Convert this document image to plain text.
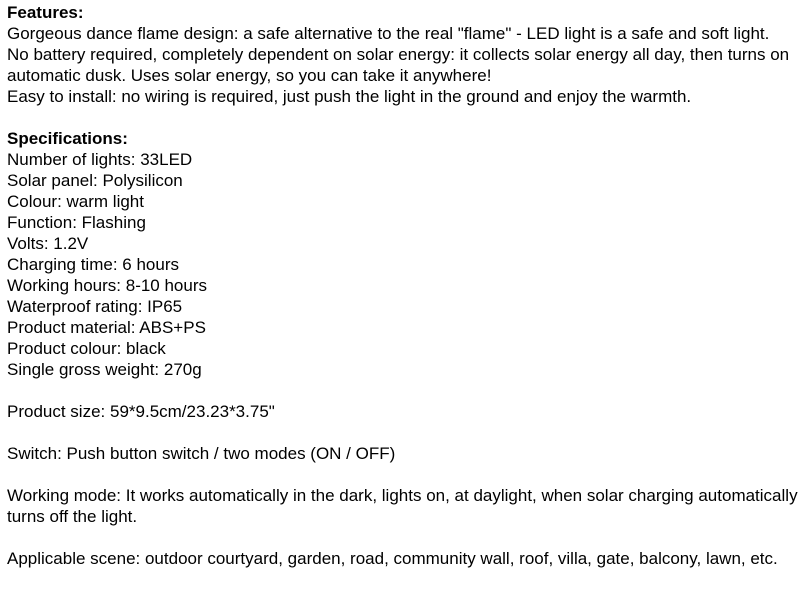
Features:
Gorgeous dance flame design: a safe alternative to the real "flame" - LED light is a safe and soft light.
No battery required, completely dependent on solar energy: it collects solar energy all day, then turns on automatic dusk. Uses solar energy, so you can take it anywhere!
Easy to install: no wiring is required, just push the light in the ground and enjoy the warmth.
Specifications:
Number of lights: 33LED
Solar panel: Polysilicon
Colour: warm light
Function: Flashing
Volts: 1.2V
Charging time: 6 hours
Working hours: 8-10 hours
Waterproof rating: IP65
Product material: ABS+PS
Product colour: black
Single gross weight: 270g
Product size: 59*9.5cm/23.23*3.75"
Switch: Push button switch / two modes (ON / OFF)
Working mode: It works automatically in the dark, lights on, at daylight, when solar charging automatically turns off the light.
Applicable scene: outdoor courtyard, garden, road, community wall, roof, villa, gate, balcony, lawn, etc.
